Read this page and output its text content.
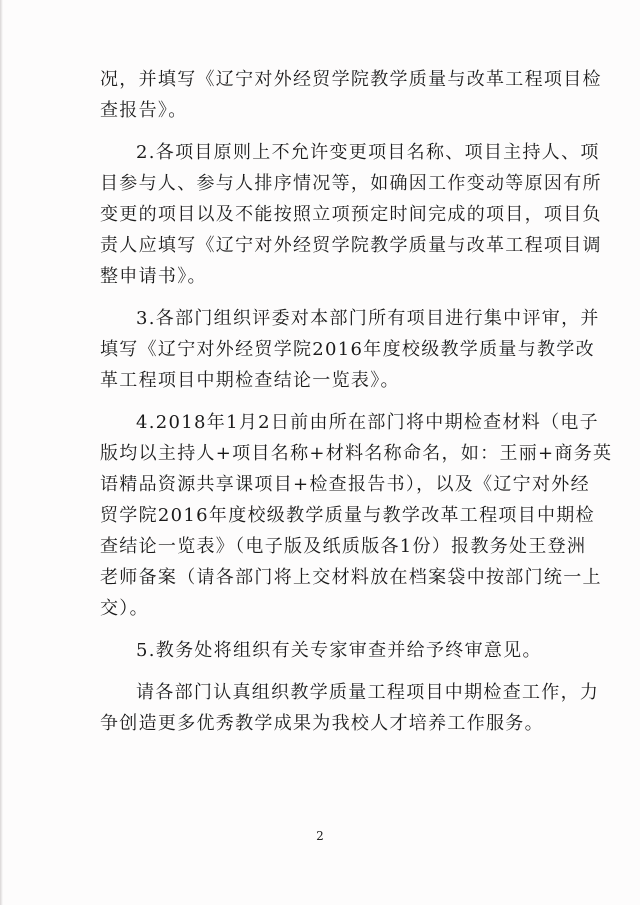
况，并填写《辽宁对外经贸学院教学质量与改革工程项目检
查报告》。
2.各项目原则上不允许变更项目名称、项目主持人、项
目参与人、参与人排序情况等，如确因工作变动等原因有所
变更的项目以及不能按照立项预定时间完成的项目，项目负
责人应填写《辽宁对外经贸学院教学质量与改革工程项目调
整申请书》。
3.各部门组织评委对本部门所有项目进行集中评审，并
填写《辽宁对外经贸学院2016年度校级教学质量与教学改
革工程项目中期检查结论一览表》。
4.2018年1月2日前由所在部门将中期检查材料（电子
版均以主持人+项目名称+材料名称命名，如：王丽+商务英
语精品资源共享课项目+检查报告书），以及《辽宁对外经
贸学院2016年度校级教学质量与教学改革工程项目中期检
查结论一览表》（电子版及纸质版各1份）报教务处王登洲
老师备案（请各部门将上交材料放在档案袋中按部门统一上
交）。
5.教务处将组织有关专家审查并给予终审意见。
请各部门认真组织教学质量工程项目中期检查工作，力
争创造更多优秀教学成果为我校人才培养工作服务。
2
